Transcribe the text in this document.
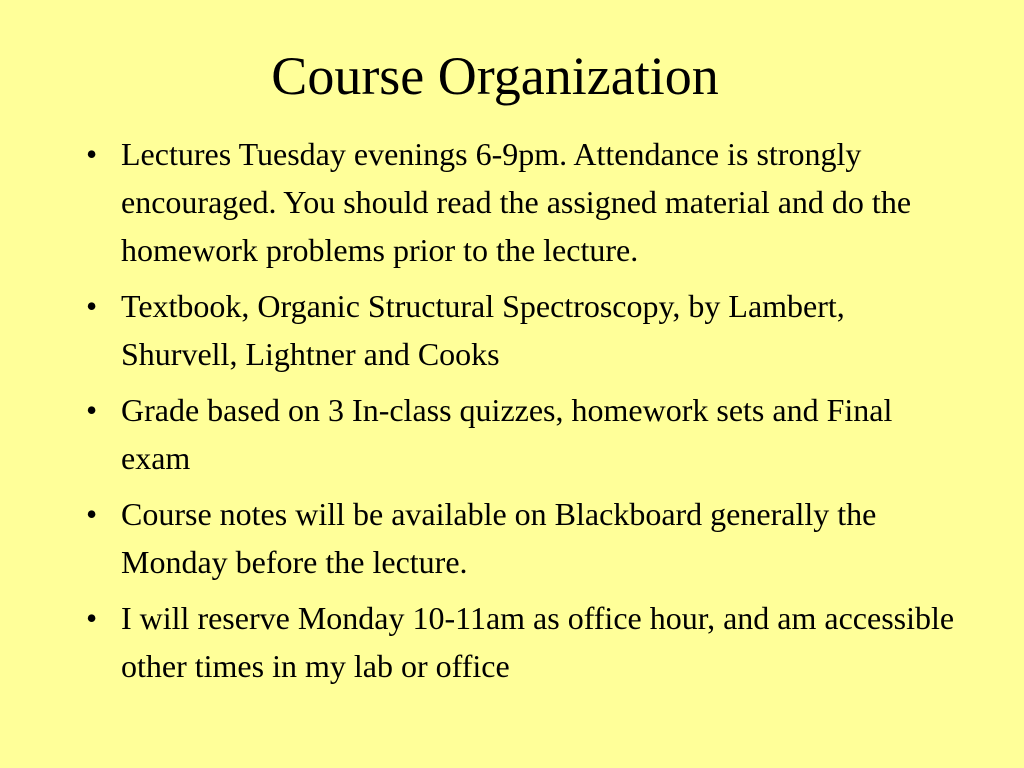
Course Organization
• Lectures Tuesday evenings 6-9pm. Attendance is strongly encouraged. You should read the assigned material and do the homework problems prior to the lecture.
• Textbook, Organic Structural Spectroscopy, by Lambert, Shurvell, Lightner and Cooks
• Grade based on 3 In-class quizzes, homework sets and Final exam
• Course notes will be available on Blackboard generally the Monday before the lecture.
• I will reserve Monday 10-11am as office hour, and am accessible other times in my lab or office
